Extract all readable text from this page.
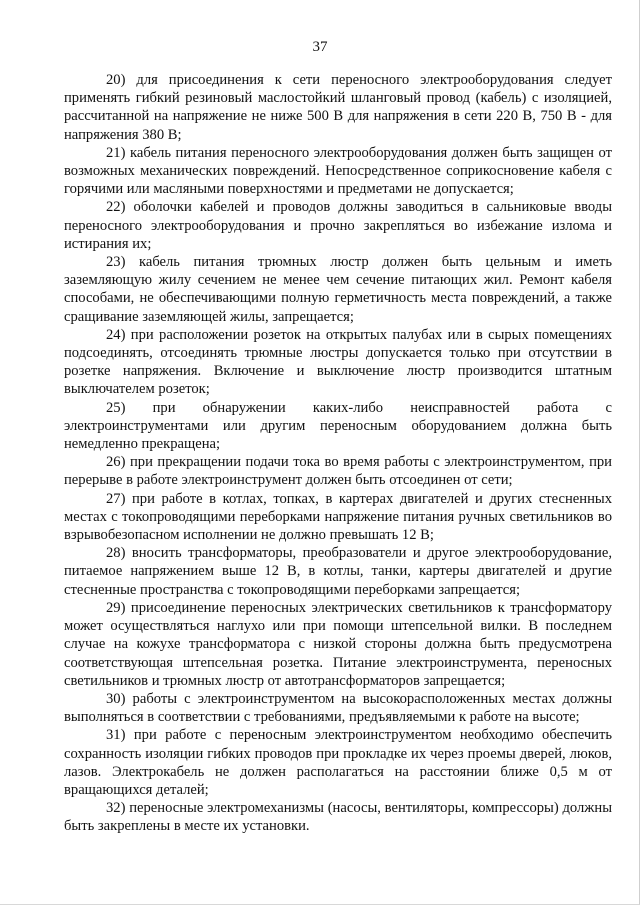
37

20) для присоединения к сети переносного электрооборудования следует применять гибкий резиновый маслостойкий шланговый провод (кабель) с изоляцией, рассчитанной на напряжение не ниже 500 В для напряжения в сети 220 В, 750 В - для напряжения 380 В;

21) кабель питания переносного электрооборудования должен быть защищен от возможных механических повреждений. Непосредственное соприкосновение кабеля с горячими или масляными поверхностями и предметами не допускается;

22) оболочки кабелей и проводов должны заводиться в сальниковые вводы переносного электрооборудования и прочно закрепляться во избежание излома и истирания их;

23) кабель питания трюмных люстр должен быть цельным и иметь заземляющую жилу сечением не менее чем сечение питающих жил. Ремонт кабеля способами, не обеспечивающими полную герметичность места повреждений, а также сращивание заземляющей жилы, запрещается;

24) при расположении розеток на открытых палубах или в сырых помещениях подсоединять, отсоединять трюмные люстры допускается только при отсутствии в розетке напряжения. Включение и выключение люстр производится штатным выключателем розеток;

25) при обнаружении каких-либо неисправностей работа с электроинструментами или другим переносным оборудованием должна быть немедленно прекращена;

26) при прекращении подачи тока во время работы с электроинструментом, при перерыве в работе электроинструмент должен быть отсоединен от сети;

27) при работе в котлах, топках, в картерах двигателей и других стесненных местах с токопроводящими переборками напряжение питания ручных светильников во взрывобезопасном исполнении не должно превышать 12 В;

28) вносить трансформаторы, преобразователи и другое электрооборудование, питаемое напряжением выше 12 В, в котлы, танки, картеры двигателей и другие стесненные пространства с токопроводящими переборками запрещается;

29) присоединение переносных электрических светильников к трансформатору может осуществляться наглухо или при помощи штепсельной вилки. В последнем случае на кожухе трансформатора с низкой стороны должна быть предусмотрена соответствующая штепсельная розетка. Питание электроинструмента, переносных светильников и трюмных люстр от автотрансформаторов запрещается;

30) работы с электроинструментом на высокорасположенных местах должны выполняться в соответствии с требованиями, предъявляемыми к работе на высоте;

31) при работе с переносным электроинструментом необходимо обеспечить сохранность изоляции гибких проводов при прокладке их через проемы дверей, люков, лазов. Электрокабель не должен располагаться на расстоянии ближе 0,5 м от вращающихся деталей;

32) переносные электромеханизмы (насосы, вентиляторы, компрессоры) должны быть закреплены в месте их установки.
